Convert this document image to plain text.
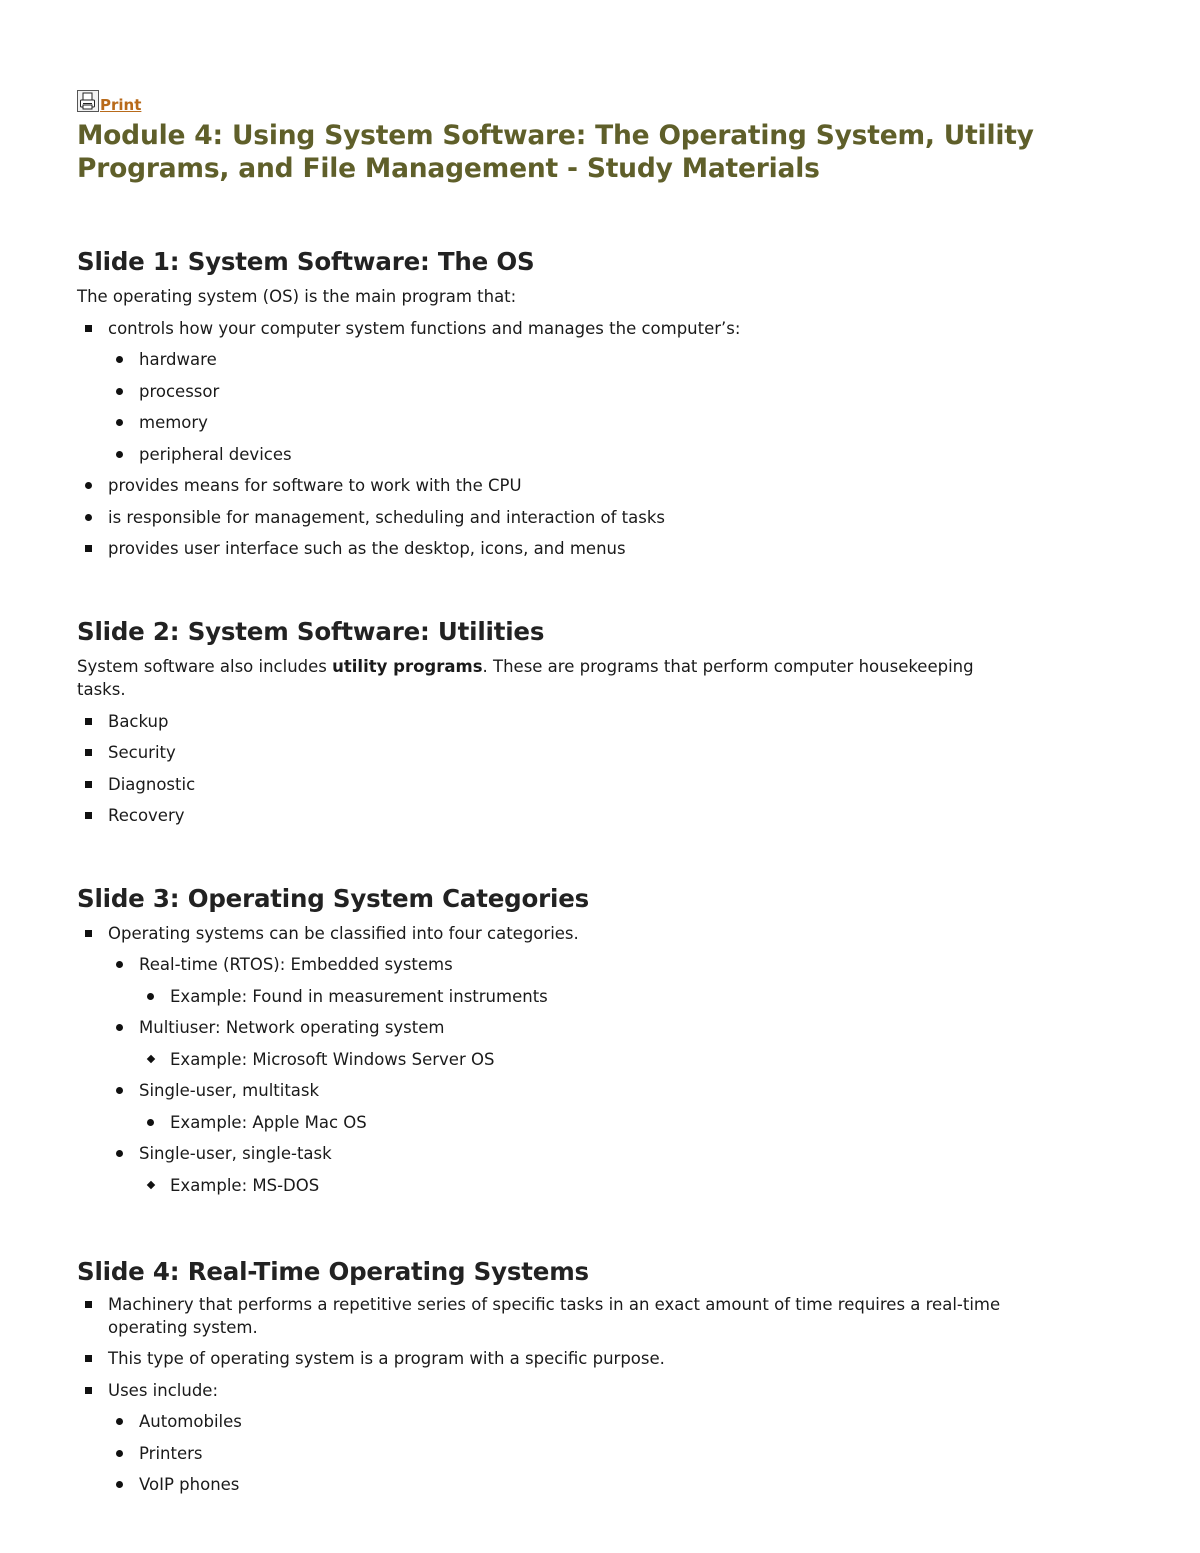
Print
Module 4: Using System Software: The Operating System, Utility Programs, and File Management - Study Materials
Slide 1: System Software: The OS

The operating system (OS) is the main program that:

controls how your computer system functions and manages the computer’s:
hardware
processor
memory
peripheral devices
provides means for software to work with the CPU
is responsible for management, scheduling and interaction of tasks
provides user interface such as the desktop, icons, and menus
Slide 2: System Software: Utilities

System software also includes utility programs. These are programs that perform computer housekeeping tasks.

Backup
Security
Diagnostic
Recovery
Slide 3: Operating System Categories
Operating systems can be classified into four categories.
Real-time (RTOS): Embedded systems
Example: Found in measurement instruments
Multiuser: Network operating system
Example: Microsoft Windows Server OS
Single-user, multitask
Example: Apple Mac OS
Single-user, single-task
Example: MS-DOS
Slide 4: Real-Time Operating Systems
Machinery that performs a repetitive series of specific tasks in an exact amount of time requires a real-time operating system.
This type of operating system is a program with a specific purpose.
Uses include:
Automobiles
Printers
VoIP phones
